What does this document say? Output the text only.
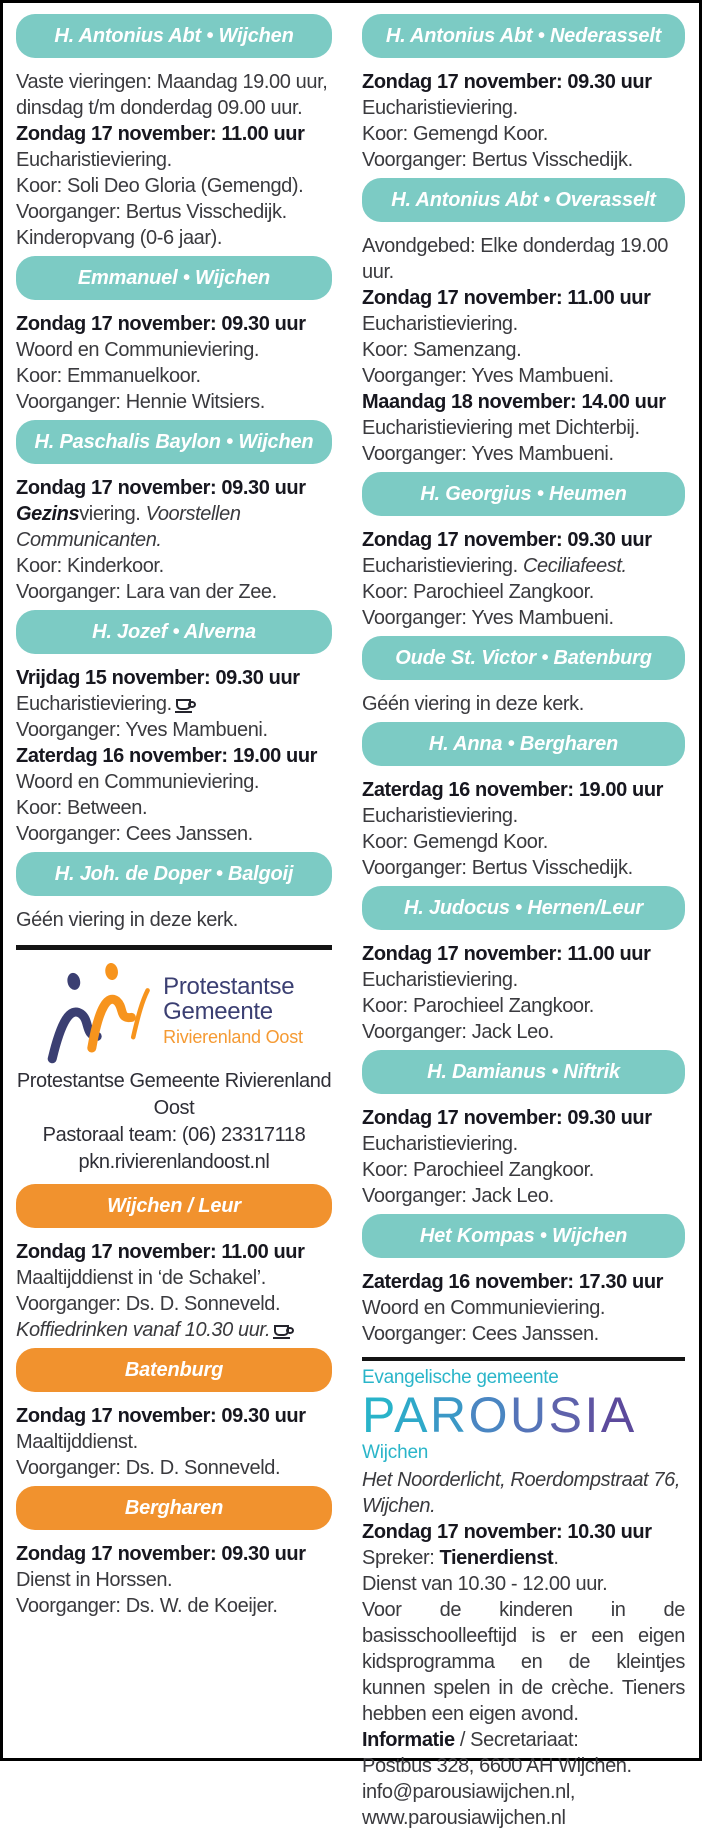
H. Antonius Abt • Wijchen

Vaste vieringen: Maandag 19.00 uur, dinsdag t/m donderdag 09.00 uur.

Zondag 17 november: 11.00 uur

Eucharistieviering.

Koor: Soli Deo Gloria (Gemengd).

Voorganger: Bertus Visschedijk.

Kinderopvang (0-6 jaar).

Emmanuel • Wijchen

Zondag 17 november: 09.30 uur

Woord en Communieviering.

Koor: Emmanuelkoor.

Voorganger: Hennie Witsiers.

H. Paschalis Baylon • Wijchen

Zondag 17 november: 09.30 uur

Gezinsviering. Voorstellen Communicanten.

Koor: Kinderkoor.

Voorganger: Lara van der Zee.

H. Jozef • Alverna

Vrijdag 15 november: 09.30 uur

Eucharistieviering.

Voorganger: Yves Mambueni.

Zaterdag 16 november: 19.00 uur

Woord en Communieviering.

Koor: Between.

Voorganger: Cees Janssen.

H. Joh. de Doper • Balgoij

Géén viering in deze kerk.

Protestantse
Gemeente
Rivierenland Oost

Protestantse Gemeente Rivierenland Oost

Pastoraal team: (06) 23317118

pkn.rivierenlandoost.nl

Wijchen / Leur

Zondag 17 november: 11.00 uur

Maaltijddienst in ‘de Schakel’.

Voorganger: Ds. D. Sonneveld.

Koffiedrinken vanaf 10.30 uur.

Batenburg

Zondag 17 november: 09.30 uur

Maaltijddienst.

Voorganger: Ds. D. Sonneveld.

Bergharen

Zondag 17 november: 09.30 uur

Dienst in Horssen.

Voorganger: Ds. W. de Koeijer.

H. Antonius Abt • Nederasselt

Zondag 17 november: 09.30 uur

Eucharistieviering.

Koor: Gemengd Koor.

Voorganger: Bertus Visschedijk.

H. Antonius Abt • Overasselt

Avondgebed: Elke donderdag 19.00 uur.

Zondag 17 november: 11.00 uur

Eucharistieviering.

Koor: Samenzang.

Voorganger: Yves Mambueni.

Maandag 18 november: 14.00 uur

Eucharistieviering met Dichterbij.

Voorganger: Yves Mambueni.

H. Georgius • Heumen

Zondag 17 november: 09.30 uur

Eucharistieviering. Ceciliafeest.

Koor: Parochieel Zangkoor.

Voorganger: Yves Mambueni.

Oude St. Victor • Batenburg

Géén viering in deze kerk.

H. Anna • Bergharen

Zaterdag 16 november: 19.00 uur

Eucharistieviering.

Koor: Gemengd Koor.

Voorganger: Bertus Visschedijk.

H. Judocus • Hernen/Leur

Zondag 17 november: 11.00 uur

Eucharistieviering.

Koor: Parochieel Zangkoor.

Voorganger: Jack Leo.

H. Damianus • Niftrik

Zondag 17 november: 09.30 uur

Eucharistieviering.

Koor: Parochieel Zangkoor.

Voorganger: Jack Leo.

Het Kompas • Wijchen

Zaterdag 16 november: 17.30 uur

Woord en Communieviering.

Voorganger: Cees Janssen.

Evangelische gemeente
PAROUSIA
Wijchen

Het Noorderlicht, Roerdompstraat 76, Wijchen.

Zondag 17 november: 10.30 uur

Spreker: Tienerdienst.

Dienst van 10.30 - 12.00 uur.

Voor de kinderen in de basisschoolleeftijd is er een eigen kidsprogramma en de kleintjes kunnen spelen in de crèche. Tieners hebben een eigen avond.

Informatie / Secretariaat:

Postbus 328, 6600 AH Wijchen.

info@parousiawijchen.nl, www.parousiawijchen.nl
